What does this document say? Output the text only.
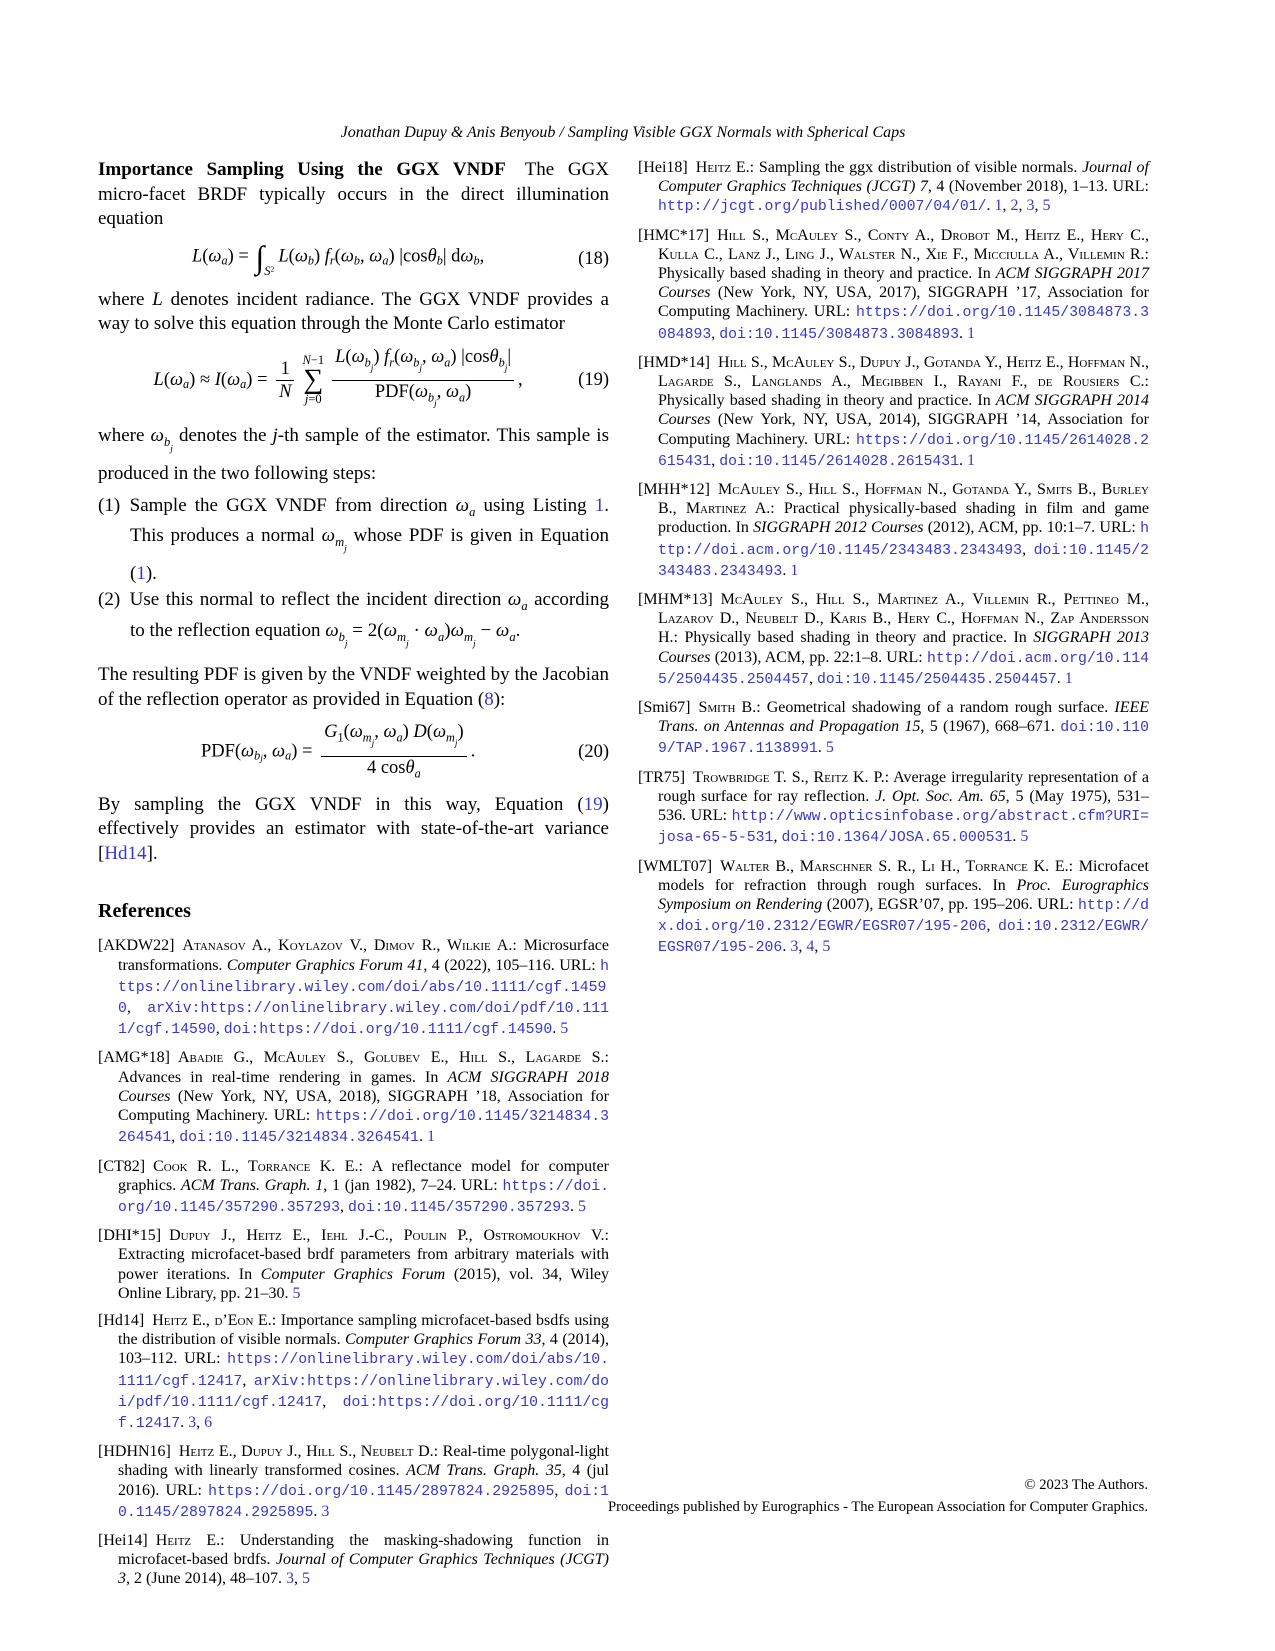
Jonathan Dupuy & Anis Benyoub / Sampling Visible GGX Normals with Spherical Caps

Importance Sampling Using the GGX VNDF  The GGX micro-facet BRDF typically occurs in the direct illumination equation

$L(\omega a) = \int S^2L(\omega b)$ fr(ωb, ωa) |cosθb| dωb,	(18)

where L denotes incident radiance. The GGX VNDF provides a way to solve this equation through the Monte Carlo estimator

$L(\omega a) \approx I(\omega a) = \frac{1}{N} N-1$
∑
$j=0 \frac{L(\omega_{bj}) f_r(\omega_{bj}, \omega_a) |\cos\theta_{bj}|}{PDF(\omega_{bj}, \omega_a)}$ ,	(19)

where $\omega_{bj}$ denotes the j-th sample of the estimator. This sample is produced in the two following steps:

(1) Sample the GGX VNDF from direction $\omega_a$ using Listing 1. This produces a normal $\omega_{mj}$ whose PDF is given in Equation (1).

(2) Use this normal to reflect the incident direction $\omega_a$ according to the reflection equation $\omega_{bj} = 2(\omega_{mj} \cdot \omega_a)\omega_{mj} - \omega_a$.

The resulting PDF is given by the VNDF weighted by the Jacobian of the reflection operator as provided in Equation (8):

$PDF(\omega b_j$, $\omega a) = \frac{G_1(\omega_{mj}, \omega_a) D(\omega_{mj})}{4 \cos\theta_a}$ .	(20)

By sampling the GGX VNDF in this way, Equation (19) effectively provides an estimator with state-of-the-art variance [Hd14].

References

[AKDW22] Atanasov A., Koylazov V., Dimov R., Wilkie A.: Microsurface transformations. Computer Graphics Forum 41, 4 (2022), 105–116. URL: https://onlinelibrary.wiley.com/doi/abs/10.1111/cgf.14590, arXiv:https://onlinelibrary.wiley.com/doi/pdf/10.1111/cgf.14590, doi:https://doi.org/10.1111/cgf.14590. 5

[AMG*18] Abadie G., McAuley S., Golubev E., Hill S., Lagarde S.: Advances in real-time rendering in games. In ACM SIGGRAPH 2018 Courses (New York, NY, USA, 2018), SIGGRAPH ’18, Association for Computing Machinery. URL: https://doi.org/10.1145/3214834.3264541, doi:10.1145/3214834.3264541. 1

[CT82] Cook R. L., Torrance K. E.: A reflectance model for computer graphics. ACM Trans. Graph. 1, 1 (jan 1982), 7–24. URL: https://doi.org/10.1145/357290.357293, doi:10.1145/357290.357293. 5

[DHI*15] Dupuy J., Heitz E., Iehl J.-C., Poulin P., Ostromoukhov V.: Extracting microfacet-based brdf parameters from arbitrary materials with power iterations. In Computer Graphics Forum (2015), vol. 34, Wiley Online Library, pp. 21–30. 5

[Hd14] Heitz E., d’Eon E.: Importance sampling microfacet-based bsdfs using the distribution of visible normals. Computer Graphics Forum 33, 4 (2014), 103–112. URL: https://onlinelibrary.wiley.com/doi/abs/10.1111/cgf.12417, arXiv:https://onlinelibrary.wiley.com/doi/pdf/10.1111/cgf.12417, doi:https://doi.org/10.1111/cgf.12417. 3, 6

[HDHN16] Heitz E., Dupuy J., Hill S., Neubelt D.: Real-time polygonal-light shading with linearly transformed cosines. ACM Trans. Graph. 35, 4 (jul 2016). URL: https://doi.org/10.1145/2897824.2925895, doi:10.1145/2897824.2925895. 3

[Hei14] Heitz E.: Understanding the masking-shadowing function in microfacet-based brdfs. Journal of Computer Graphics Techniques (JCGT) 3, 2 (June 2014), 48–107. 3, 5

[Hei18] Heitz E.: Sampling the ggx distribution of visible normals. Journal of Computer Graphics Techniques (JCGT) 7, 4 (November 2018), 1–13. URL: http://jcgt.org/published/0007/04/01/. 1, 2, 3, 5

[HMC*17] Hill S., McAuley S., Conty A., Drobot M., Heitz E., Hery C., Kulla C., Lanz J., Ling J., Walster N., Xie F., Micciulla A., Villemin R.: Physically based shading in theory and practice. In ACM SIGGRAPH 2017 Courses (New York, NY, USA, 2017), SIGGRAPH ’17, Association for Computing Machinery. URL: https://doi.org/10.1145/3084873.3084893, doi:10.1145/3084873.3084893. 1

[HMD*14] Hill S., McAuley S., Dupuy J., Gotanda Y., Heitz E., Hoffman N., Lagarde S., Langlands A., Megibben I., Rayani F., de Rousiers C.: Physically based shading in theory and practice. In ACM SIGGRAPH 2014 Courses (New York, NY, USA, 2014), SIGGRAPH ’14, Association for Computing Machinery. URL: https://doi.org/10.1145/2614028.2615431, doi:10.1145/2614028.2615431. 1

[MHH*12] McAuley S., Hill S., Hoffman N., Gotanda Y., Smits B., Burley B., Martinez A.: Practical physically-based shading in film and game production. In SIGGRAPH 2012 Courses (2012), ACM, pp. 10:1–7. URL: http://doi.acm.org/10.1145/2343483.2343493, doi:10.1145/2343483.2343493. 1

[MHM*13] McAuley S., Hill S., Martinez A., Villemin R., Pettineo M., Lazarov D., Neubelt D., Karis B., Hery C., Hoffman N., Zap Andersson H.: Physically based shading in theory and practice. In SIGGRAPH 2013 Courses (2013), ACM, pp. 22:1–8. URL: http://doi.acm.org/10.1145/2504435.2504457, doi:10.1145/2504435.2504457. 1

[Smi67] Smith B.: Geometrical shadowing of a random rough surface. IEEE Trans. on Antennas and Propagation 15, 5 (1967), 668–671. doi:10.1109/TAP.1967.1138991. 5

[TR75] Trowbridge T. S., Reitz K. P.: Average irregularity representation of a rough surface for ray reflection. J. Opt. Soc. Am. 65, 5 (May 1975), 531–536. URL: http://www.opticsinfobase.org/abstract.cfm?URI=josa-65-5-531, doi:10.1364/JOSA.65.000531. 5

[WMLT07] Walter B., Marschner S. R., Li H., Torrance K. E.: Microfacet models for refraction through rough surfaces. In Proc. Eurographics Symposium on Rendering (2007), EGSR’07, pp. 195–206. URL: http://dx.doi.org/10.2312/EGWR/EGSR07/195-206, doi:10.2312/EGWR/EGSR07/195-206. 3, 4, 5

© 2023 The Authors.
Proceedings published by Eurographics - The European Association for Computer Graphics.
